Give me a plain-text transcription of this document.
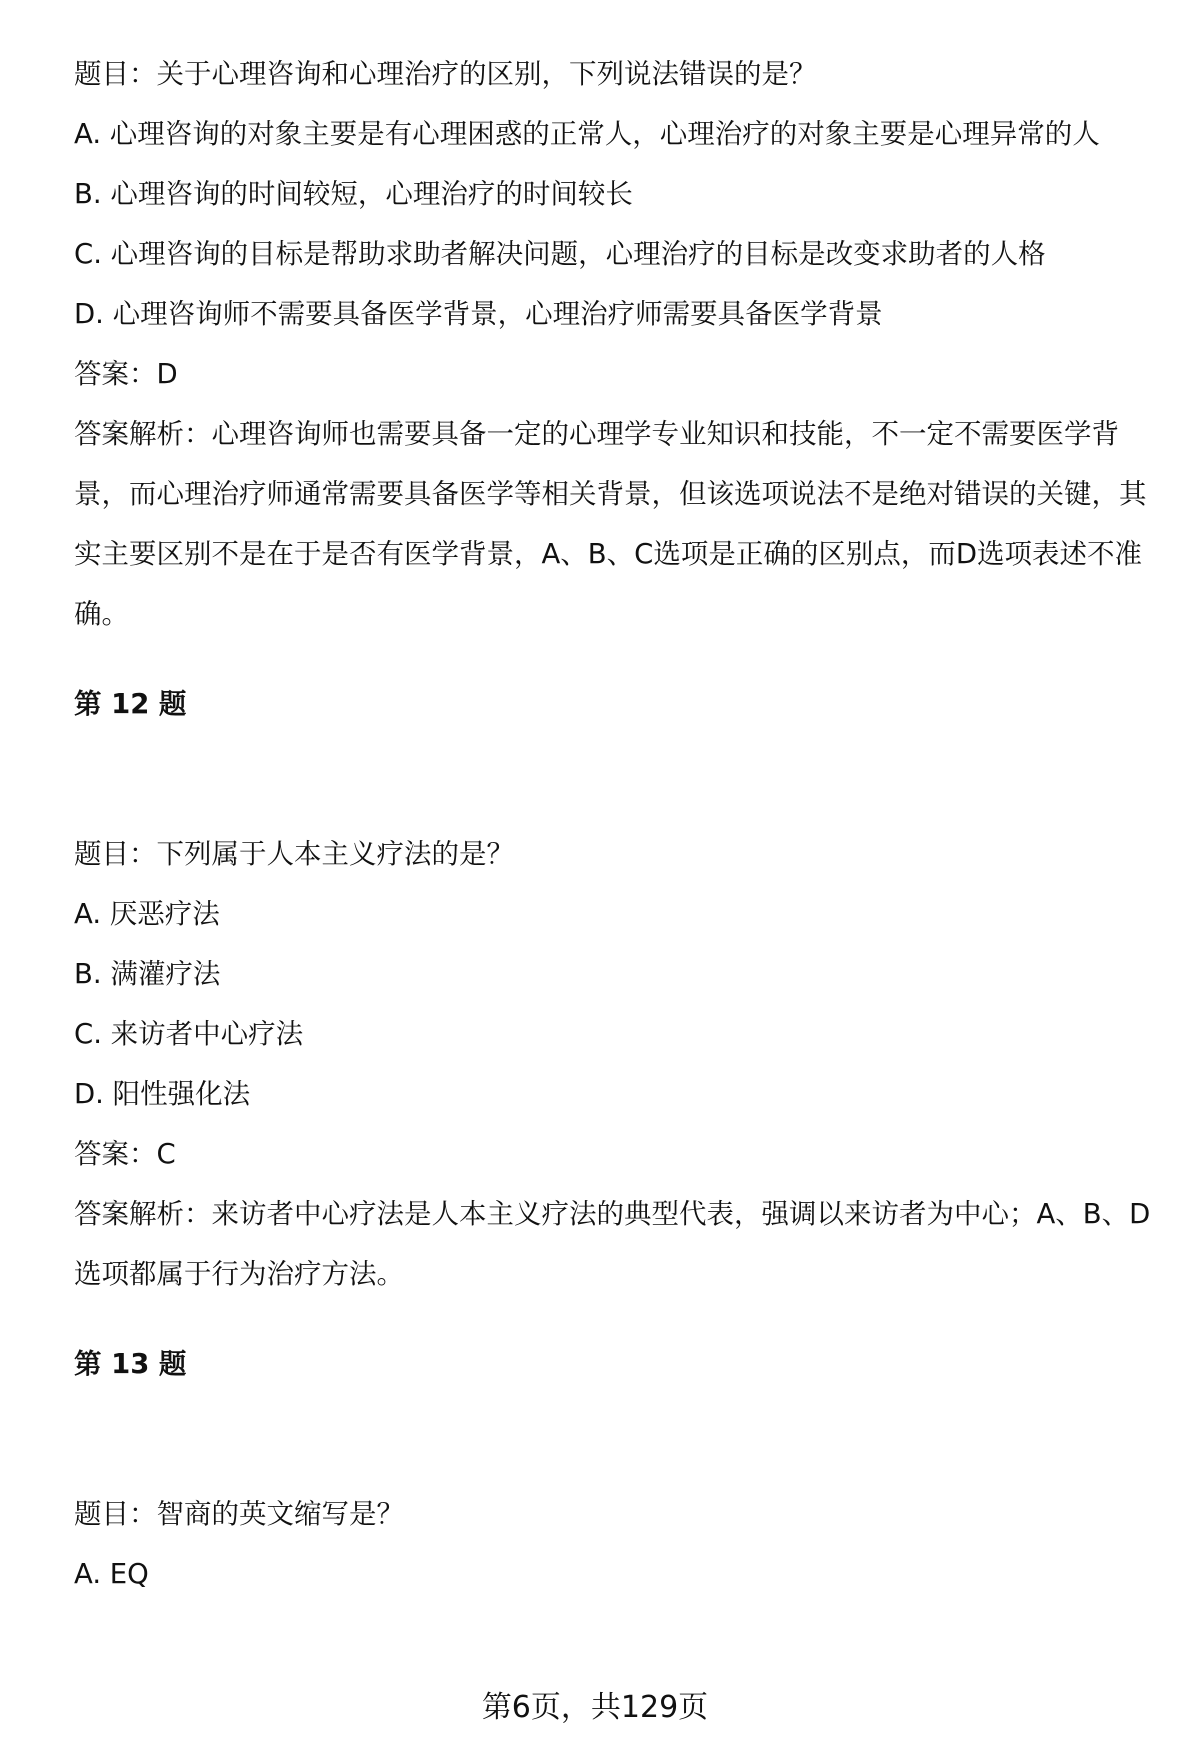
题目：关于心理咨询和心理治疗的区别，下列说法错误的是？

A. 心理咨询的对象主要是有心理困惑的正常人，心理治疗的对象主要是心理异常的人

B. 心理咨询的时间较短，心理治疗的时间较长

C. 心理咨询的目标是帮助求助者解决问题，心理治疗的目标是改变求助者的人格

D. 心理咨询师不需要具备医学背景，心理治疗师需要具备医学背景

答案：D

答案解析：心理咨询师也需要具备一定的心理学专业知识和技能，不一定不需要医学背景，而心理治疗师通常需要具备医学等相关背景，但该选项说法不是绝对错误的关键，其实主要区别不是在于是否有医学背景，A、B、C选项是正确的区别点，而D选项表述不准确。

第 12 题

题目：下列属于人本主义疗法的是？

A. 厌恶疗法

B. 满灌疗法

C. 来访者中心疗法

D. 阳性强化法

答案：C

答案解析：来访者中心疗法是人本主义疗法的典型代表，强调以来访者为中心；A、B、D选项都属于行为治疗方法。

第 13 题

题目：智商的英文缩写是？

A. EQ

第6页，共129页
